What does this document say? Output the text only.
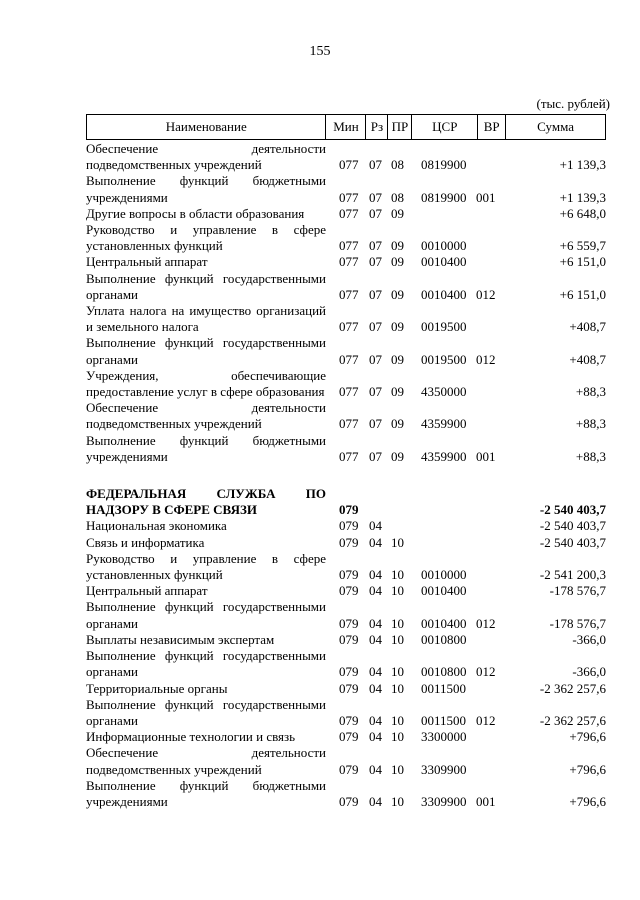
155
(тыс. рублей)
Наименование	Мин	Рз	ПР	ЦСР	ВР	Сумма
Обеспечение деятельности подведомственных учреждений	077 07 08 0819900	+1 139,3
Выполнение функций бюджетными учреждениями	077 07 08 0819900 001	+1 139,3
Другие вопросы в области образования	077 07 09	+6 648,0
Руководство и управление в сфере установленных функций	077 07 09 0010000	+6 559,7
Центральный аппарат	077 07 09 0010400	+6 151,0
Выполнение функций государственными органами	077 07 09 0010400 012	+6 151,0
Уплата налога на имущество организаций и земельного налога	077 07 09 0019500	+408,7
Выполнение функций государственными органами	077 07 09 0019500 012	+408,7
Учреждения, обеспечивающие предоставление услуг в сфере образования 077 07 09 4350000	+88,3
Обеспечение деятельности подведомственных учреждений	077 07 09 4359900	+88,3
Выполнение функций бюджетными учреждениями	077 07 09 4359900 001	+88,3
ФЕДЕРАЛЬНАЯ СЛУЖБА ПО НАДЗОРУ В СФЕРЕ СВЯЗИ	079	-2 540 403,7
Национальная экономика	079 04	-2 540 403,7
Связь и информатика	079 04 10	-2 540 403,7
Руководство и управление в сфере установленных функций	079 04 10 0010000	-2 541 200,3
Центральный аппарат	079 04 10 0010400	-178 576,7
Выполнение функций государственными органами	079 04 10 0010400 012	-178 576,7
Выплаты независимым экспертам	079 04 10 0010800	-366,0
Выполнение функций государственными органами	079 04 10 0010800 012	-366,0
Территориальные органы	079 04 10 0011500	-2 362 257,6
Выполнение функций государственными органами	079 04 10 0011500 012	-2 362 257,6
Информационные технологии и связь	079 04 10 3300000	+796,6
Обеспечение деятельности подведомственных учреждений	079 04 10 3309900	+796,6
Выполнение функций бюджетными учреждениями	079 04 10 3309900 001	+796,6
